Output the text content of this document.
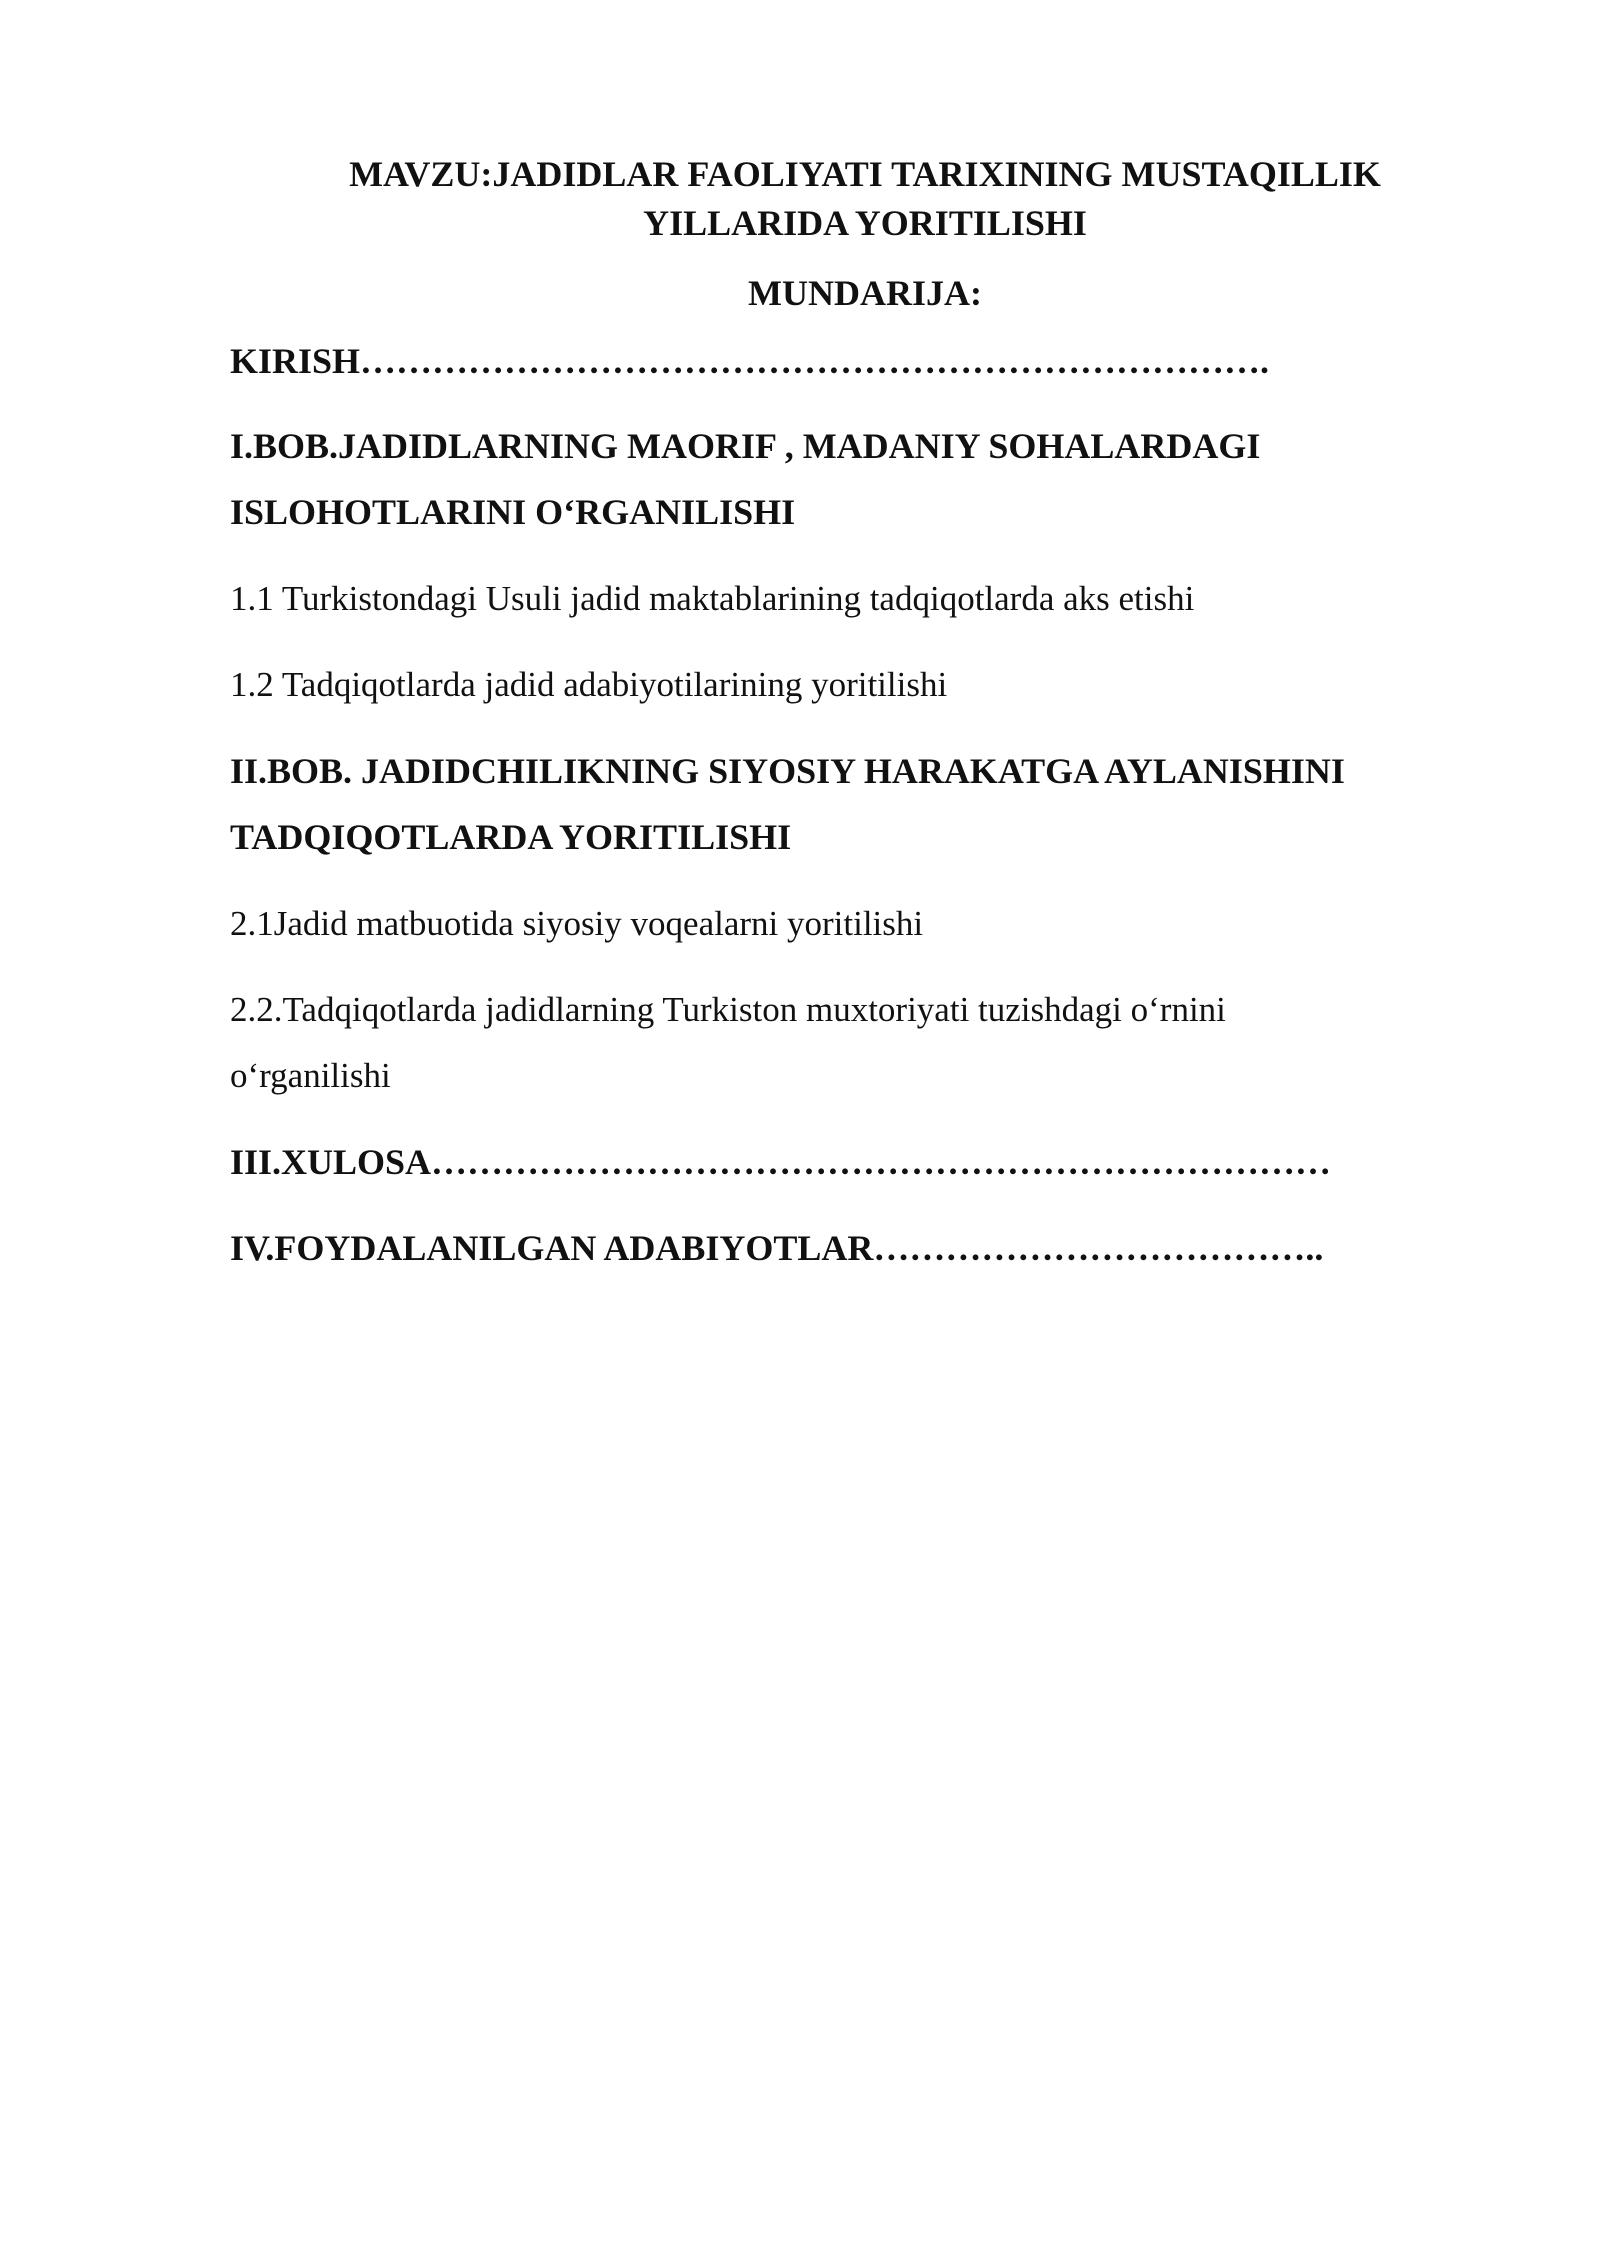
MAVZU:JADIDLAR FAOLIYATI TARIXINING MUSTAQILLIK
YILLARIDA YORITILISHI
MUNDARIJA:
KIRISH………………………………………………………………….
I.BOB.JADIDLARNING MAORIF , MADANIY SOHALARDAGI
ISLOHOTLARINI O‘RGANILISHI
1.1 Turkistondagi Usuli jadid maktablarining tadqiqotlarda aks etishi
1.2 Tadqiqotlarda jadid adabiyotilarining yoritilishi
II.BOB. JADIDCHILIKNING SIYOSIY HARAKATGA AYLANISHINI
TADQIQOTLARDA YORITILISHI
2.1Jadid matbuotida siyosiy voqealarni yoritilishi
2.2.Tadqiqotlarda jadidlarning Turkiston muxtoriyati tuzishdagi o‘rnini
o‘rganilishi
III.XULOSA…………………………………………………………………
IV.FOYDALANILGAN ADABIYOTLAR………………………………..
